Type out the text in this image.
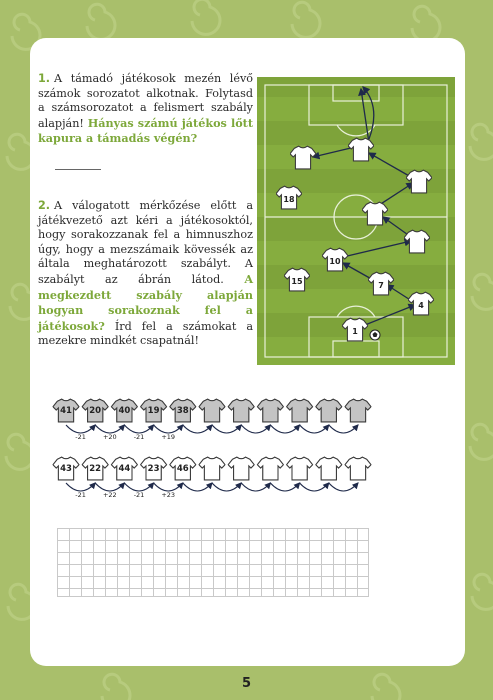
1. A támadó játékosok mezén lévő számok sorozatot alkotnak. Folytasd a számsorozatot a felismert szabály alapján! Hányas számú játékos lőtt kapura a támadás végén?
2. A válogatott mérkőzése előtt a játékvezető azt kéri a játékosoktól, hogy sorakozzanak fel a himnuszhoz úgy, hogy a mezszámaik kövessék az általa meghatározott szabályt. A szabályt az ábrán látod. A megkezdett szabály alapján hogyan sorakoznak fel a játékosok? Írd fel a számokat a mezekre mindkét csapatnál!
18
10
15	7
4
1
41 20 40 19 38
-21	+20	-21	+19
43 22 44 23 46
-21	+22	-21	+23
5
